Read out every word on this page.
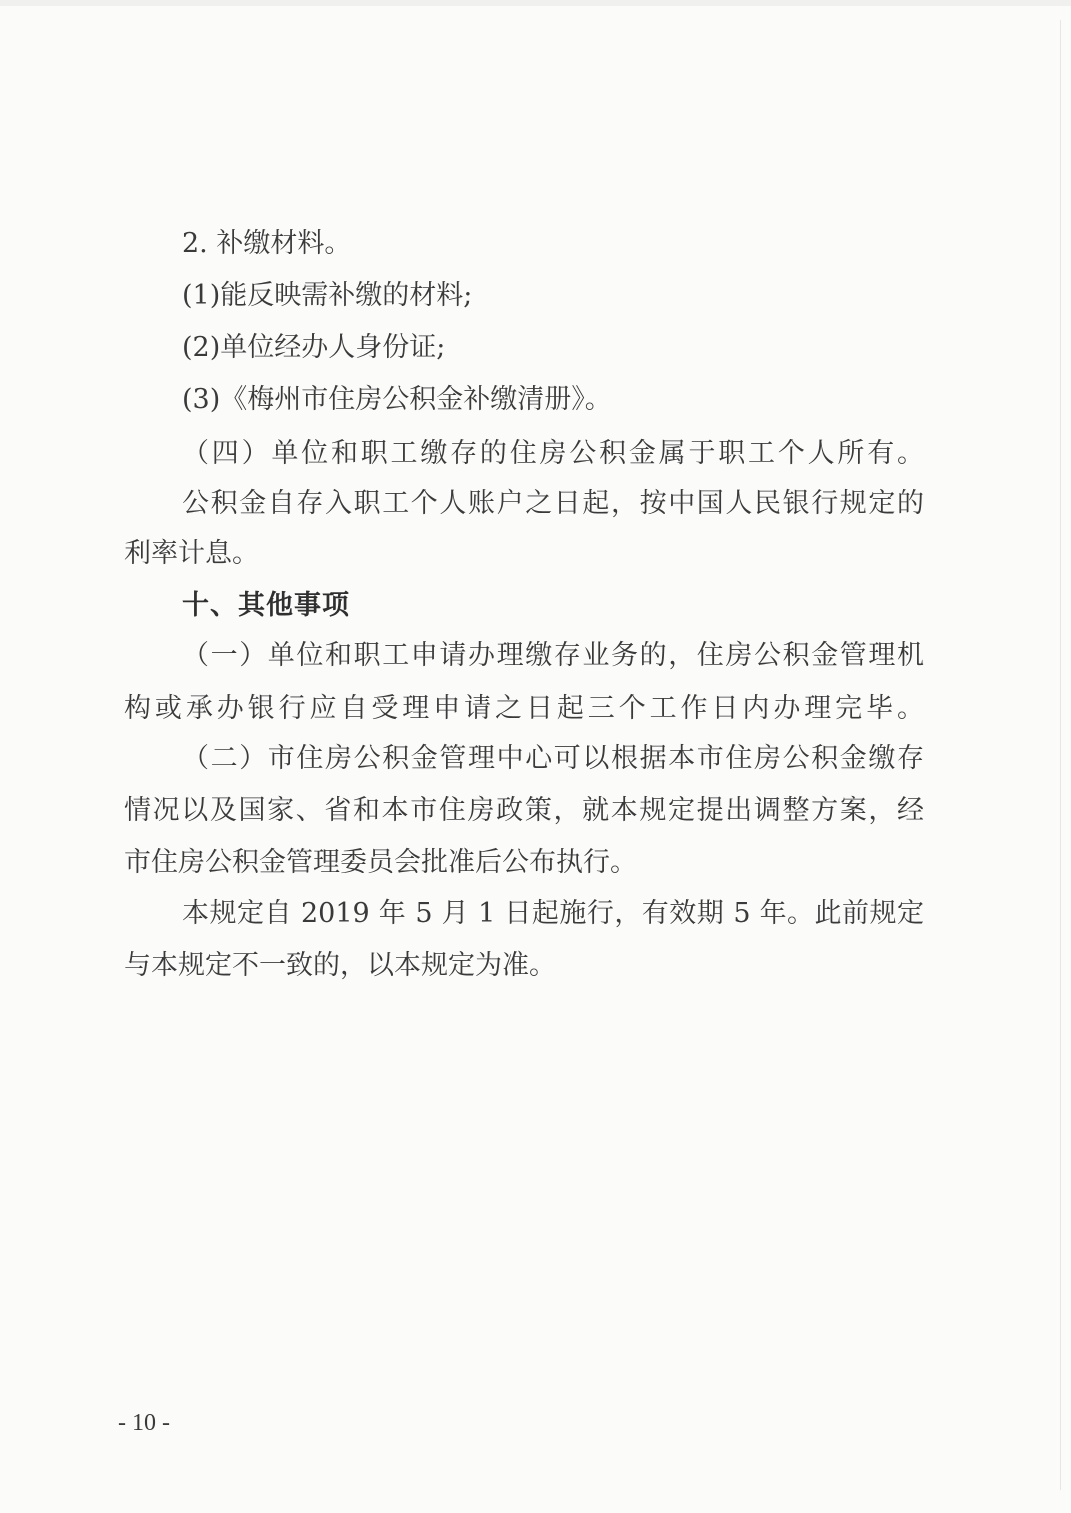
2. 补缴材料。
(1)能反映需补缴的材料;
(2)单位经办人身份证;
(3)《梅州市住房公积金补缴清册》。
（四）单位和职工缴存的住房公积金属于职工个人所有。
公积金自存入职工个人账户之日起，按中国人民银行规定的
利率计息。
十、其他事项
（一）单位和职工申请办理缴存业务的，住房公积金管理机
构或承办银行应自受理申请之日起三个工作日内办理完毕。
（二）市住房公积金管理中心可以根据本市住房公积金缴存
情况以及国家、省和本市住房政策，就本规定提出调整方案，经
市住房公积金管理委员会批准后公布执行。
本规定自 2019 年 5 月 1 日起施行，有效期 5 年。此前规定
与本规定不一致的，以本规定为准。
- 10 -
